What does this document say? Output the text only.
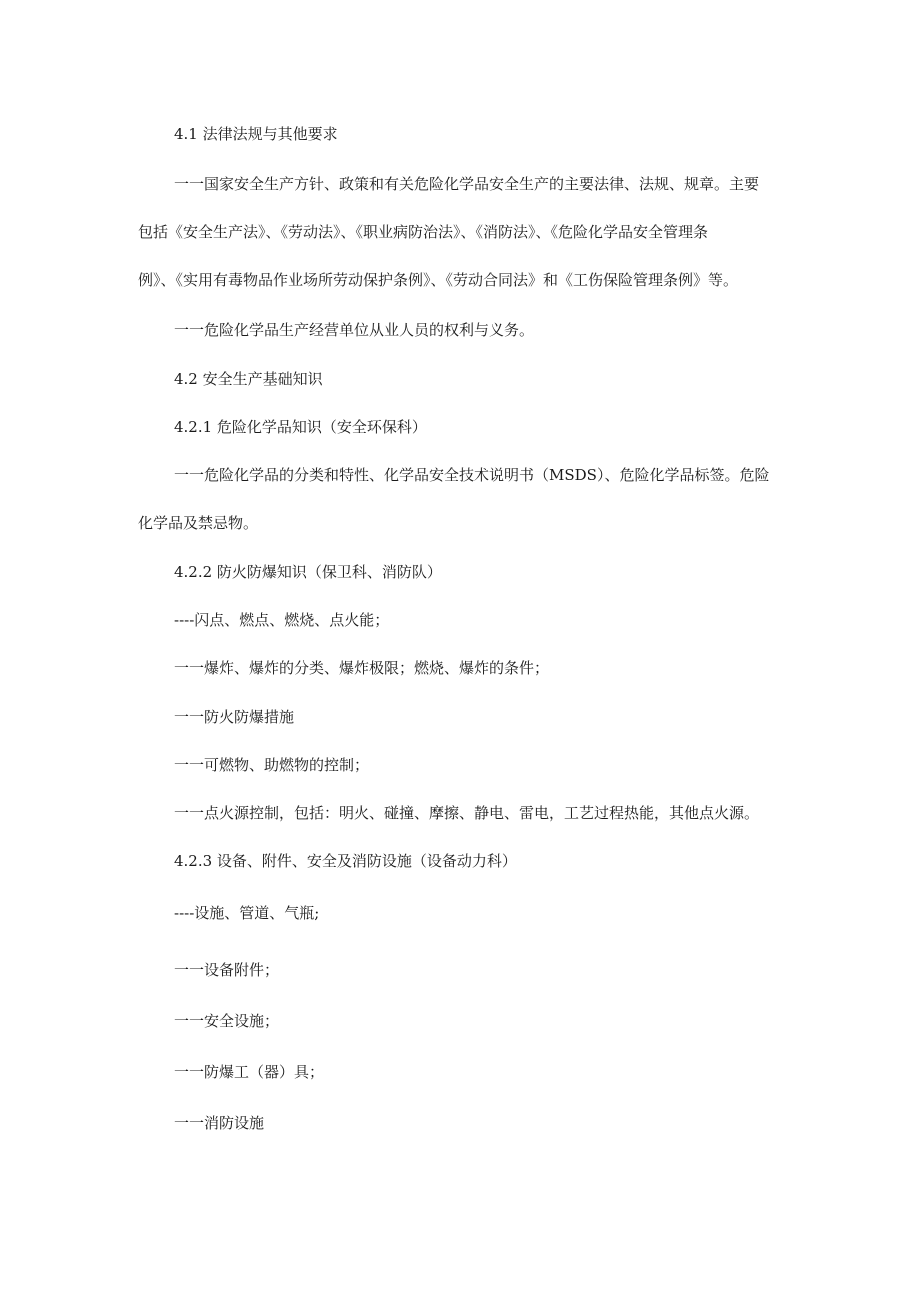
4.1 法律法规与其他要求
一一国家安全生产方针、政策和有关危险化学品安全生产的主要法律、法规、规章。主要
包括《安全生产法》、《劳动法》、《职业病防治法》、《消防法》、《危险化学品安全管理条
例》、《实用有毒物品作业场所劳动保护条例》、《劳动合同法》和《工伤保险管理条例》等。
一一危险化学品生产经营单位从业人员的权利与义务。
4.2 安全生产基础知识
4.2.1 危险化学品知识（安全环保科）
一一危险化学品的分类和特性、化学品安全技术说明书（MSDS）、危险化学品标签。危险
化学品及禁忌物。
4.2.2 防火防爆知识（保卫科、消防队）
----闪点、燃点、燃烧、点火能；
一一爆炸、爆炸的分类、爆炸极限；燃烧、爆炸的条件；
一一防火防爆措施
一一可燃物、助燃物的控制；
一一点火源控制，包括：明火、碰撞、摩擦、静电、雷电，工艺过程热能，其他点火源。
4.2.3 设备、附件、安全及消防设施（设备动力科）
----设施、管道、气瓶;
一一设备附件；
一一安全设施；
一一防爆工（器）具；
一一消防设施
